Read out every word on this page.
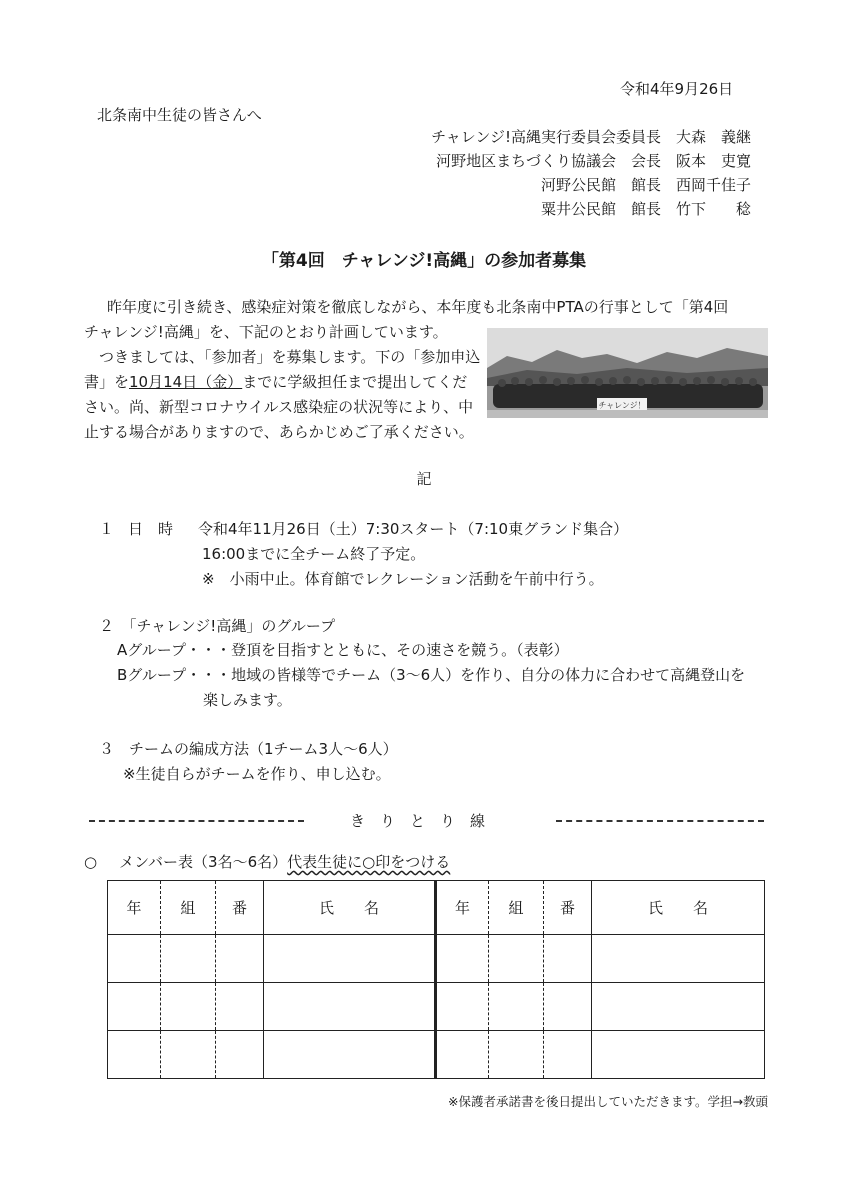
令和4年9月26日
北条南中生徒の皆さんへ
チャレンジ!高縄実行委員会委員長　大森　義継
河野地区まちづくり協議会　会長　阪本　吏寛
河野公民館　館長　西岡千佳子
粟井公民館　館長　竹下　　稔
「第4回　チャレンジ!高縄」の参加者募集
昨年度に引き続き、感染症対策を徹底しながら、本年度も北条南中PTAの行事として「第4回
チャレンジ!高縄」を、下記のとおり計画しています。
つきましては、「参加者」を募集します。下の「参加申込
書」を10月14日（金）までに学級担任まで提出してくだ
さい。尚、新型コロナウイルス感染症の状況等により、中
止する場合がありますので、あらかじめご了承ください。
チャレンジ！
記
１ 日　時 令和4年11月26日（土）7:30スタート（7:10東グランド集合）
16:00までに全チーム終了予定。
※　小雨中止。体育館でレクレーション活動を午前中行う。
２　「チャレンジ!高縄」のグループ
Aグループ・・・登頂を目指すとともに、その速さを競う。（表彰）
Bグループ・・・地域の皆様等でチーム（3～6人）を作り、自分の体力に合わせて高縄登山を
楽しみます。
３　チームの編成方法（1チーム3人～6人）
※生徒自らがチームを作り、申し込む。
き　り　と　り　線
○ メンバー表（3名～6名）代表生徒に○印をつける
年	組	番	氏　　名	年	組	番	氏　　名

※保護者承諾書を後日提出していただきます。学担→教頭
